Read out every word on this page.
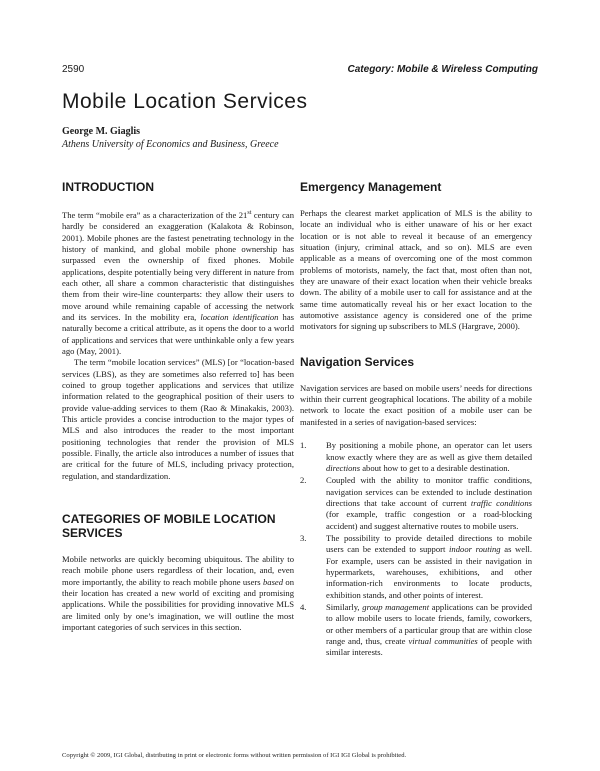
2590	Category: Mobile & Wireless Computing
Mobile Location Services
George M. Giaglis
Athens University of Economics and Business, Greece
INTRODUCTION

The term “mobile era” as a characterization of the 21st century can hardly be considered an exaggeration (Kalakota & Robinson, 2001). Mobile phones are the fastest penetrating technology in the history of mankind, and global mobile phone ownership has surpassed even the ownership of fixed phones. Mobile applications, despite potentially being very different in nature from each other, all share a common characteristic that distinguishes them from their wire-line counterparts: they allow their users to move around while remaining capable of accessing the network and its services. In the mobility era, location identification has naturally become a critical attribute, as it opens the door to a world of applications and services that were unthinkable only a few years ago (May, 2001).

The term “mobile location services” (MLS) [or “location-based services (LBS), as they are sometimes also referred to] has been coined to group together applications and services that utilize information related to the geographical position of their users to provide value-adding services to them (Rao & Minakakis, 2003). This article provides a concise introduction to the major types of MLS and also introduces the reader to the most important positioning technologies that render the provision of MLS possible. Finally, the article also introduces a number of issues that are critical for the future of MLS, including privacy protection, regulation, and standardization.

CATEGORIES OF MOBILE LOCATION SERVICES

Mobile networks are quickly becoming ubiquitous. The ability to reach mobile phone users regardless of their location, and, even more importantly, the ability to reach mobile phone users based on their location has created a new world of exciting and promising applications. While the possibilities for providing innovative MLS are limited only by one’s imagination, we will outline the most important categories of such services in this section.

Emergency Management

Perhaps the clearest market application of MLS is the ability to locate an individual who is either unaware of his or her exact location or is not able to reveal it because of an emergency situation (injury, criminal attack, and so on). MLS are even applicable as a means of overcoming one of the most common problems of motorists, namely, the fact that, most often than not, they are unaware of their exact location when their vehicle breaks down. The ability of a mobile user to call for assistance and at the same time automatically reveal his or her exact location to the automotive assistance agency is considered one of the prime motivators for signing up subscribers to MLS (Hargrave, 2000).

Navigation Services

Navigation services are based on mobile users’ needs for directions within their current geographical locations. The ability of a mobile network to locate the exact position of a mobile user can be manifested in a series of navigation-based services:

1. By positioning a mobile phone, an operator can let users know exactly where they are as well as give them detailed directions about how to get to a desirable destination.
2. Coupled with the ability to monitor traffic conditions, navigation services can be extended to include destination directions that take account of current traffic conditions (for example, traffic congestion or a road-blocking accident) and suggest alternative routes to mobile users.
3. The possibility to provide detailed directions to mobile users can be extended to support indoor routing as well. For example, users can be assisted in their navigation in hypermarkets, warehouses, exhibitions, and other information-rich environments to locate products, exhibition stands, and other points of interest.
4. Similarly, group management applications can be provided to allow mobile users to locate friends, family, coworkers, or other members of a particular group that are within close range and, thus, create virtual communities of people with similar interests.
Copyright © 2009, IGI Global, distributing in print or electronic forms without written permission of IGI IGI Global is prohibited.
